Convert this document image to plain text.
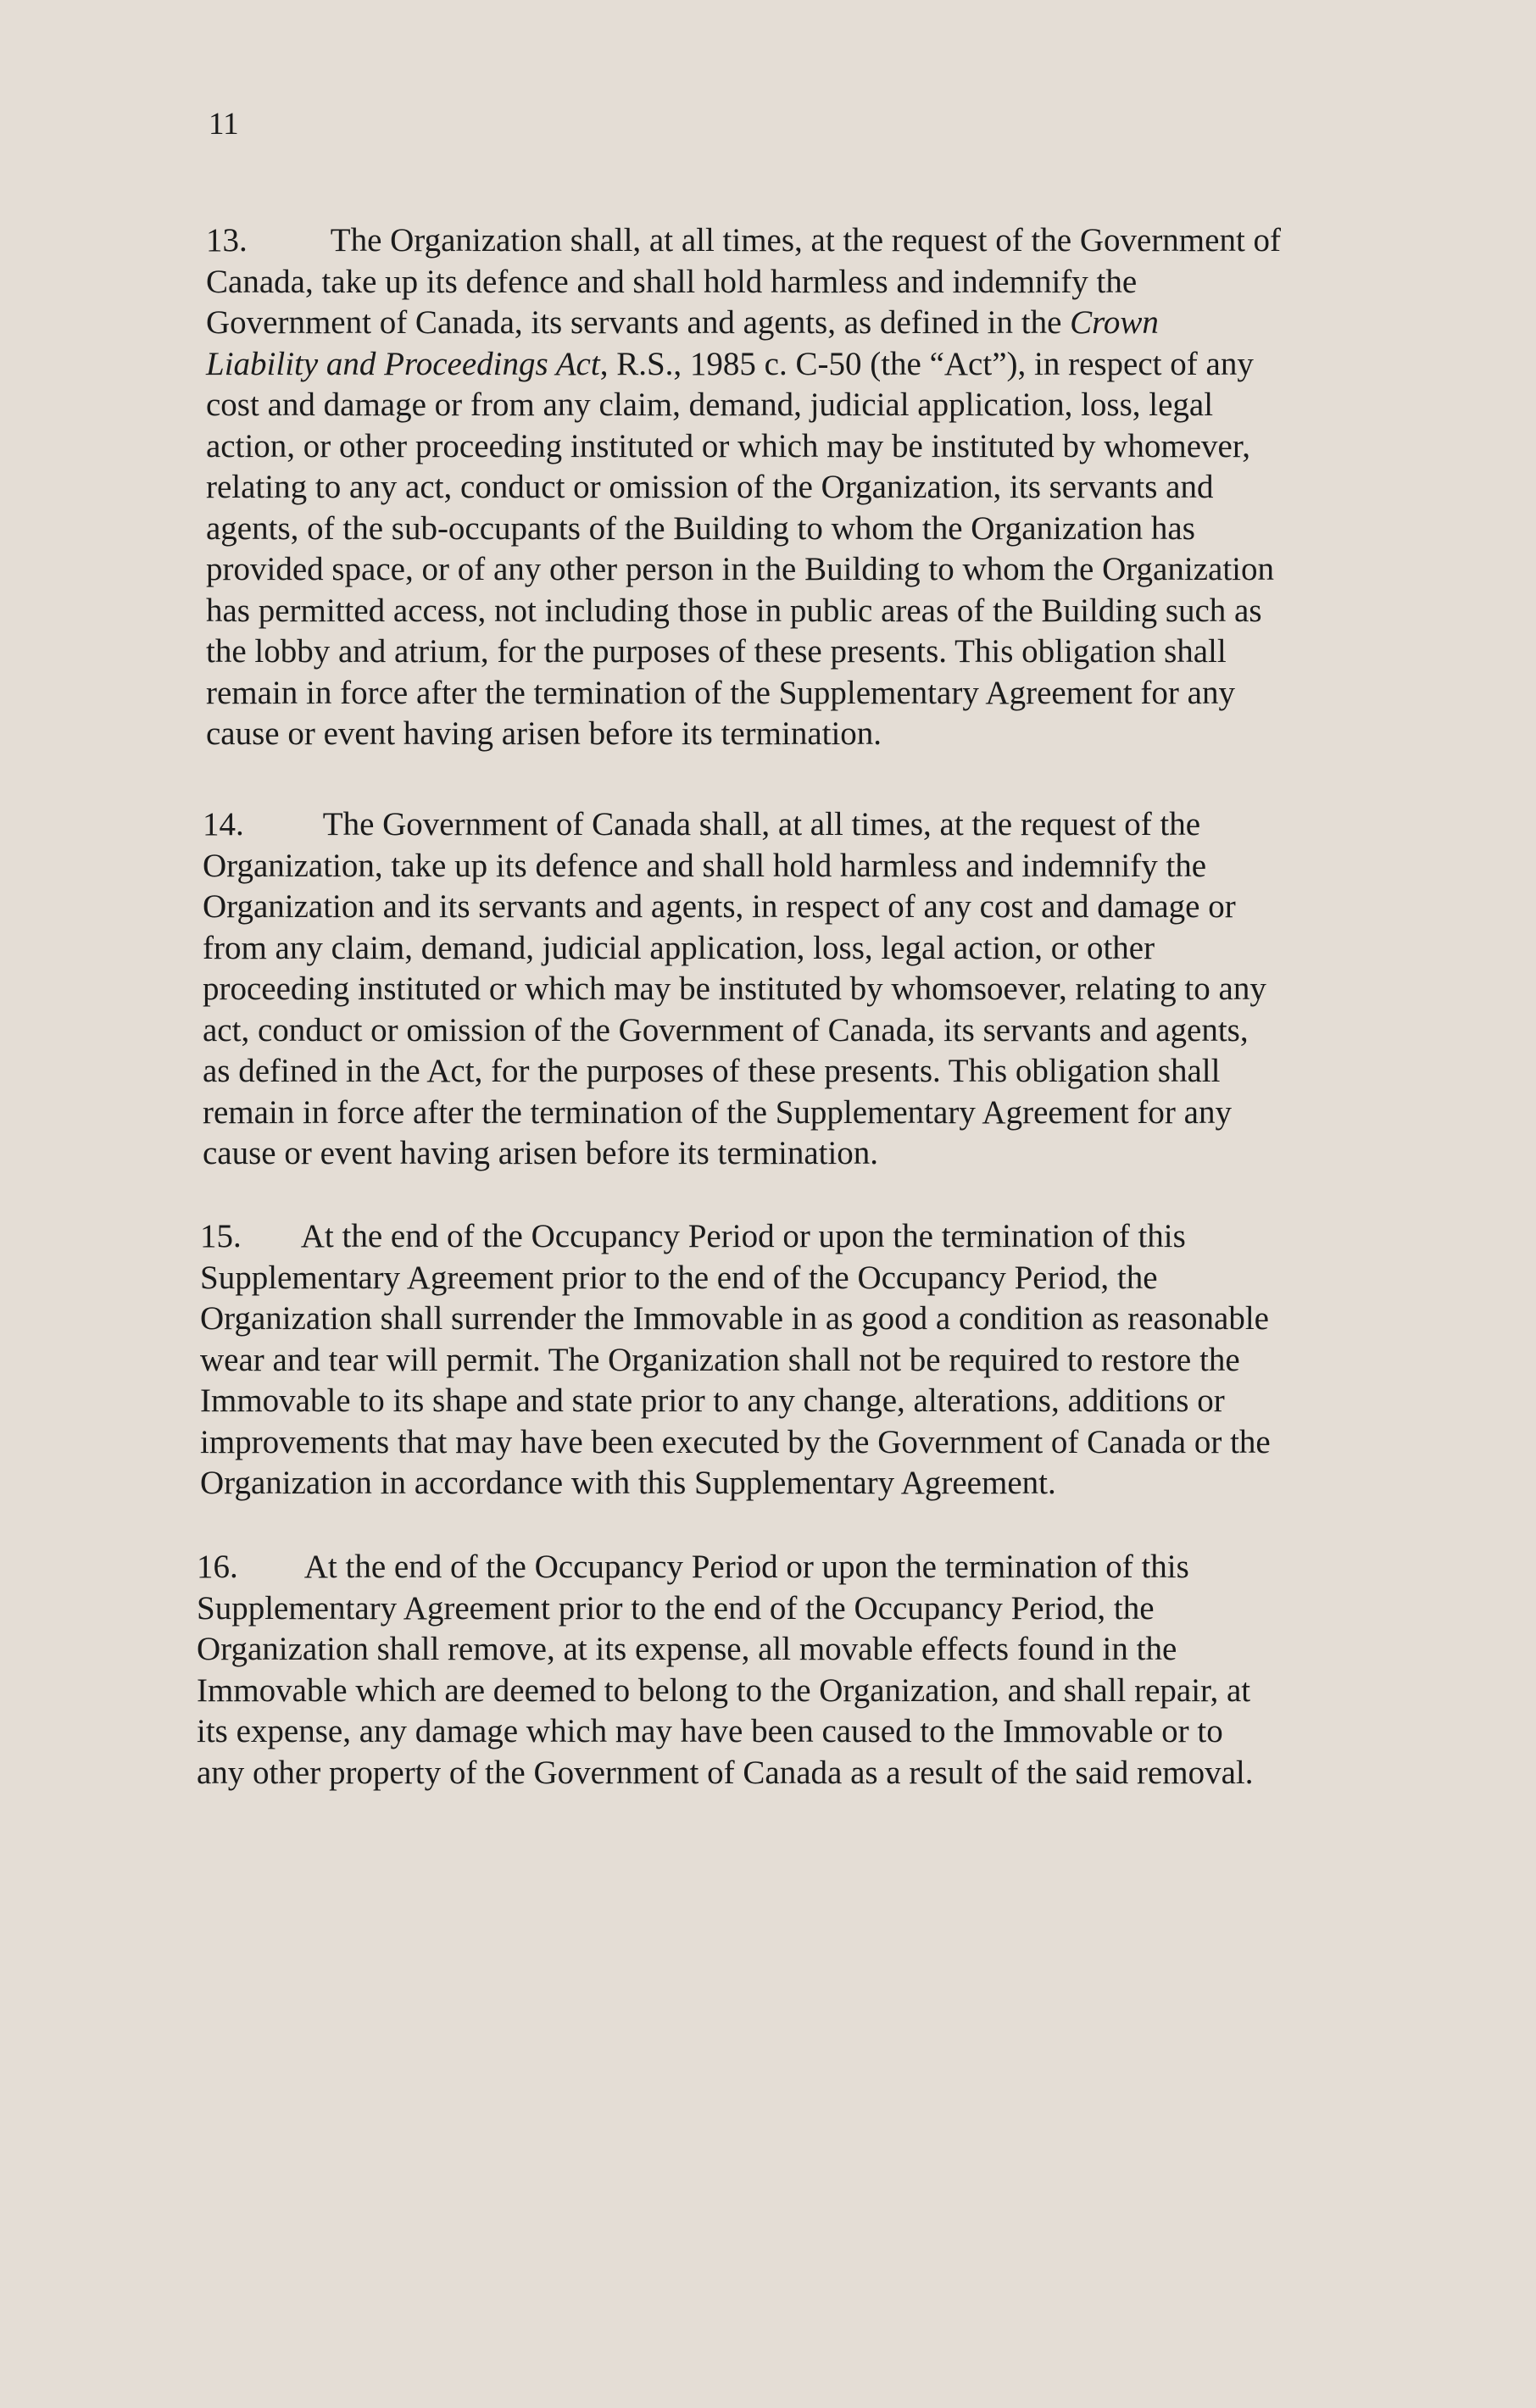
11
13.	The Organization shall, at all times, at the request of the Government of
Canada, take up its defence and shall hold harmless and indemnify the
Government of Canada, its servants and agents, as defined in the Crown
Liability and Proceedings Act, R.S., 1985 c. C-50 (the “Act”), in respect of any
cost and damage or from any claim, demand, judicial application, loss, legal
action, or other proceeding instituted or which may be instituted by whomever,
relating to any act, conduct or omission of the Organization, its servants and
agents, of the sub-occupants of the Building to whom the Organization has
provided space, or of any other person in the Building to whom the Organization
has permitted access, not including those in public areas of the Building such as
the lobby and atrium, for the purposes of these presents. This obligation shall
remain in force after the termination of the Supplementary Agreement for any
cause or event having arisen before its termination.
14. The Government of Canada shall, at all times, at the request of the
Organization, take up its defence and shall hold harmless and indemnify the
Organization and its servants and agents, in respect of any cost and damage or
from any claim, demand, judicial application, loss, legal action, or other
proceeding instituted or which may be instituted by whomsoever, relating to any
act, conduct or omission of the Government of Canada, its servants and agents,
as defined in the Act, for the purposes of these presents. This obligation shall
remain in force after the termination of the Supplementary Agreement for any
cause or event having arisen before its termination.
15. At the end of the Occupancy Period or upon the termination of this
Supplementary Agreement prior to the end of the Occupancy Period, the
Organization shall surrender the Immovable in as good a condition as reasonable
wear and tear will permit. The Organization shall not be required to restore the
Immovable to its shape and state prior to any change, alterations, additions or
improvements that may have been executed by the Government of Canada or the
Organization in accordance with this Supplementary Agreement.
16. At the end of the Occupancy Period or upon the termination of this
Supplementary Agreement prior to the end of the Occupancy Period, the
Organization shall remove, at its expense, all movable effects found in the
Immovable which are deemed to belong to the Organization, and shall repair, at
its expense, any damage which may have been caused to the Immovable or to
any other property of the Government of Canada as a result of the said removal.
